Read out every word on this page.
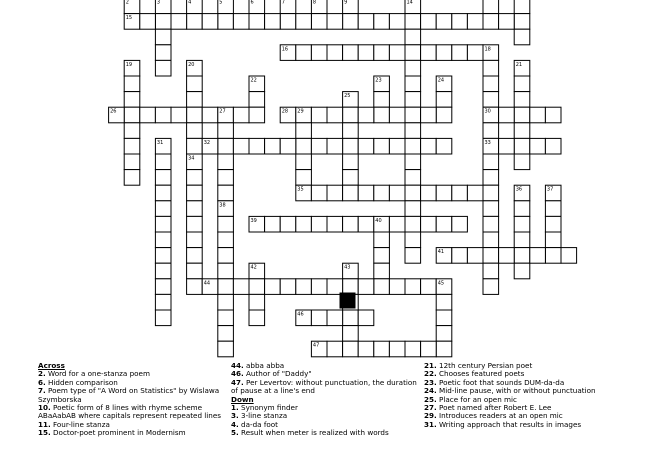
2	3	4	5	6	7	8	9	14
15
16	18
19	20	21
22	23	24
25
26	27	28 29	30
31	32	33
34
35	36	37
38
39	40
41
42	43
44	45
46
47
Across
2. Word for a one-stanza poem
6. Hidden comparison
7. Poem type of "A Word on Statistics" by Wislawa Szymborska
10. Poetic form of 8 lines with rhyme scheme ABaAabAB where capitals represent repeated lines
11. Four-line stanza
15. Doctor-poet prominent in Modernism
44. abba abba
46. Author of "Daddy"
47. Per Levertov: without punctuation, the duration of pause at a line's end
Down
1. Synonym finder
3. 3-line stanza
4. da-da foot
5. Result when meter is realized with words
21. 12th century Persian poet
22. Chooses featured poets
23. Poetic foot that sounds DUM-da-da
24. Mid-line pause, with or without punctuation
25. Place for an open mic
27. Poet named after Robert E. Lee
29. Introduces readers at an open mic
31. Writing approach that results in images
